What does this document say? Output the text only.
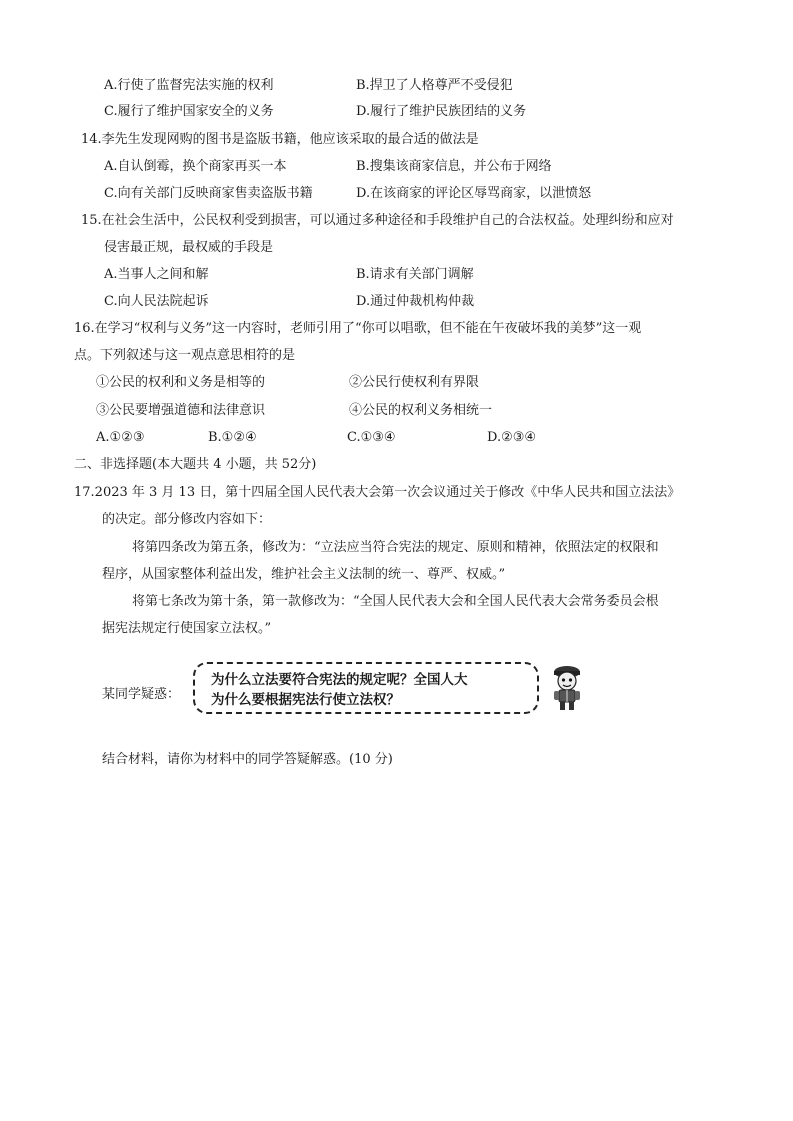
A.行使了监督宪法实施的权利	B.捍卫了人格尊严不受侵犯
C.履行了维护国家安全的义务	D.履行了维护民族团结的义务
14.李先生发现网购的图书是盗版书籍，他应该采取的最合适的做法是
A.自认倒霉，换个商家再买一本	B.搜集该商家信息，并公布于网络
C.向有关部门反映商家售卖盗版书籍	D.在该商家的评论区辱骂商家，以泄愤怒
15.在社会生活中，公民权利受到损害，可以通过多种途径和手段维护自己的合法权益。处理纠纷和应对
侵害最正规，最权威的手段是
A.当事人之间和解	B.请求有关部门调解
C.向人民法院起诉	D.通过仲裁机构仲裁
16.在学习“权利与义务”这一内容时，老师引用了“你可以唱歌，但不能在午夜破坏我的美梦”这一观
点。下列叙述与这一观点意思相符的是
①公民的权利和义务是相等的	②公民行使权利有界限
③公民要增强道德和法律意识	④公民的权利义务相统一
A.①②③	B.①②④	C.①③④	D.②③④
二、非选择题(本大题共 4 小题，共 52分)
17.2023 年 3 月 13 日，第十四届全国人民代表大会第一次会议通过关于修改《中华人民共和国立法法》
的决定。部分修改内容如下：
将第四条改为第五条，修改为：“立法应当符合宪法的规定、原则和精神，依照法定的权限和
程序，从国家整体利益出发，维护社会主义法制的统一、尊严、权威。”
将第七条改为第十条，第一款修改为：“全国人民代表大会和全国人民代表大会常务委员会根
据宪法规定行使国家立法权。”
某同学疑惑：
为什么立法要符合宪法的规定呢？全国人大
为什么要根据宪法行使立法权？
结合材料，请你为材料中的同学答疑解惑。(10 分)
